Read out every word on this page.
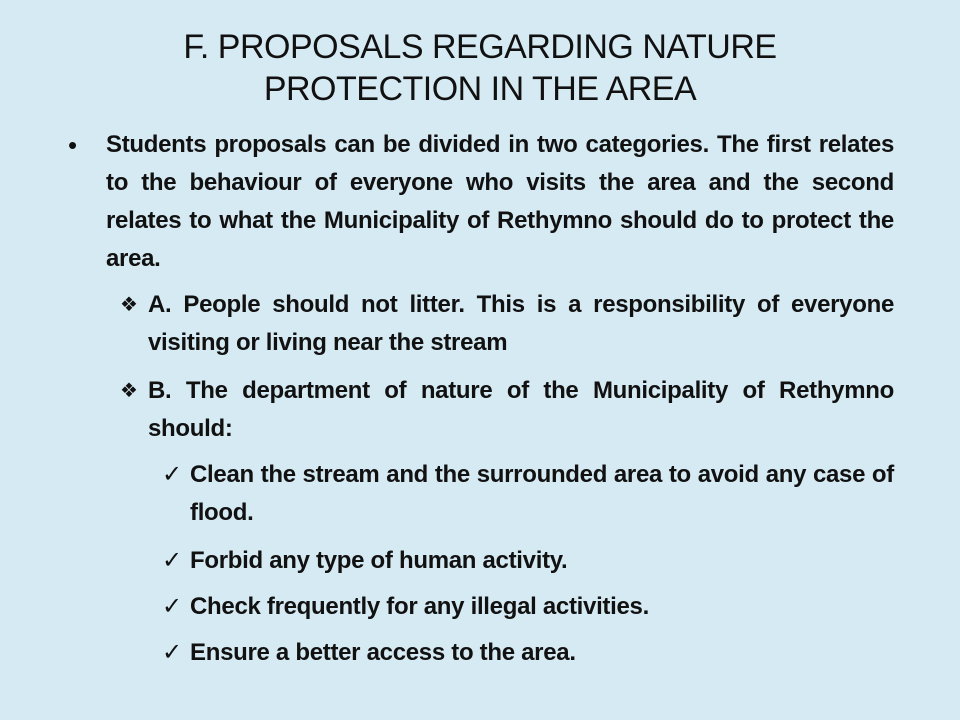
F. PROPOSALS REGARDING NATURE
PROTECTION IN THE AREA
•	Students proposals can be divided in two categories. The first relates to the behaviour of everyone who visits the area and the second relates to what the Municipality of Rethymno should do to protect the area.
❖ A. People should not litter. This is a responsibility of everyone visiting or living near the stream
❖ B. The department of nature of the Municipality of Rethymno should:
✓ Clean the stream and the surrounded area to avoid any case of flood.
✓ Forbid any type of human activity.
✓ Check frequently for any illegal activities.
✓ Ensure a better access to the area.
